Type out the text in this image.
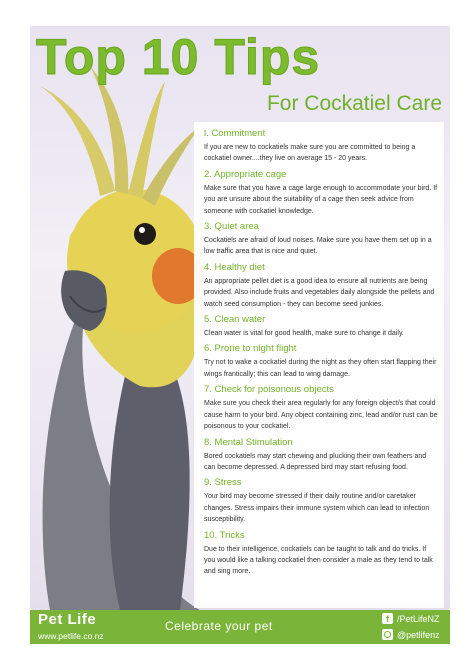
Top 10 Tips
For Cockatiel Care
l. Commitment
If you are new to cockatiels make sure you are committed to being a cockatiel owner....they live on average 15 - 20 years.
2. Appropriate cage
Make sure that you have a cage large enough to accommodate your bird. If you are unsure about the suitability of a cage then seek advice from someone with cockatiel knowledge.
3. Quiet area
Cockatiels are afraid of loud noises. Make sure you have them set up in a low traffic area that is nice and quiet.
4. Healthy diet
An appropriate pellet diet is a good idea to ensure all nutrients are being provided. Also include fruits and vegetables daily alongside the pellets and watch seed consumption - they can become seed junkies.
5. Clean water
Clean water is vital for good health, make sure to change it daily.
6. Prone to night flight
Try not to wake a cockatiel during the night as they often start flapping their wings frantically; this can lead to wing damage.
7. Check for poisonous objects
Make sure you check their area regularly for any foreign object/s that could cause harm to your bird. Any object containing zinc, lead and/or rust can be poisonous to your cockatiel.
8. Mental Stimulation
Bored cockatiels may start chewing and plucking their own feathers and can become depressed. A depressed bird may start refusing food.
9. Stress
Your bird may become stressed if their daily routine and/or caretaker changes. Stress impairs their immune system which can lead to infection susceptibility.
10. Tricks
Due to their intelligence, cockatiels can be taught to talk and do tricks. If you would like a talking cockatiel then consider a male as they tend to talk and sing more.
Pet Life
www.petlife.co.nz
Celebrate your pet
f /PetLifeNZ
@petlifenz
